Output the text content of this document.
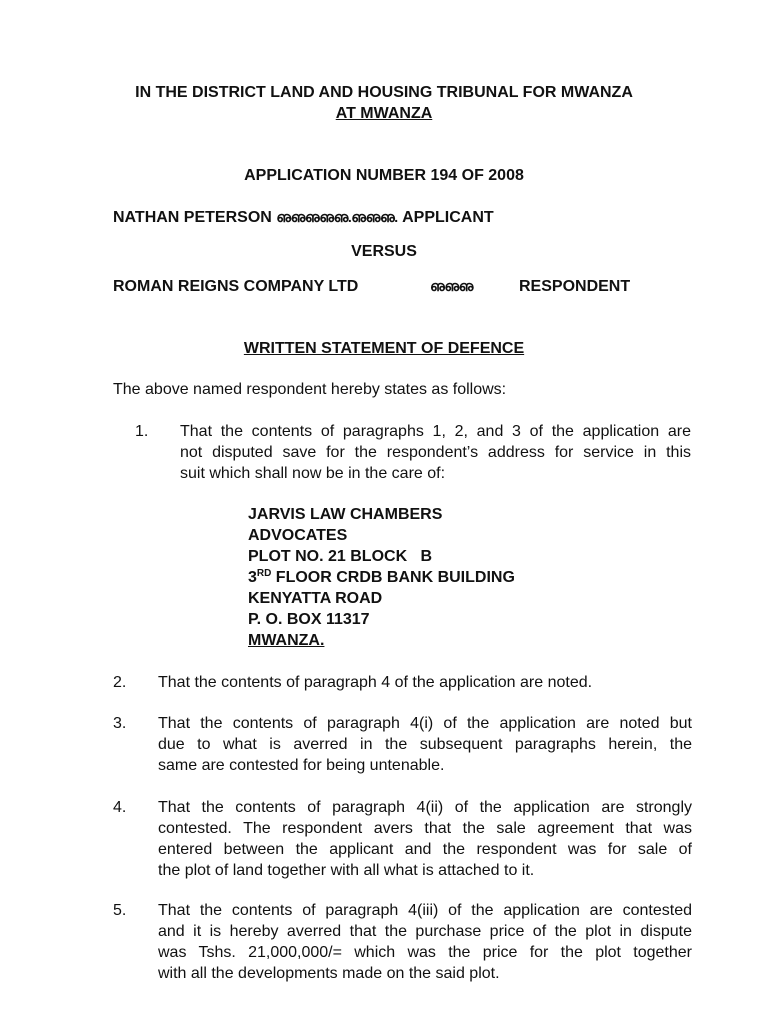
IN THE DISTRICT LAND AND HOUSING TRIBUNAL FOR MWANZA
AT MWANZA
APPLICATION NUMBER 194 OF 2008
NATHAN PETERSON ഌഌഌഌഌ.ഌഌഌ. APPLICANT
VERSUS
ROMAN REIGNS COMPANY LTD	ഌഌഌ	RESPONDENT
WRITTEN STATEMENT OF DEFENCE
The above named respondent hereby states as follows:
1. That the contents of paragraphs 1, 2, and 3 of the application are
not disputed save for the respondent’s address for service in this
suit which shall now be in the care of:
JARVIS LAW CHAMBERS
ADVOCATES
PLOT NO. 21 BLOCK   B
3RD FLOOR CRDB BANK BUILDING
KENYATTA ROAD
P. O. BOX 11317
MWANZA.
2. That the contents of paragraph 4 of the application are noted.
3. That the contents of paragraph 4(i) of the application are noted but
due to what is averred in the subsequent paragraphs herein, the
same are contested for being untenable.
4. That the contents of paragraph 4(ii) of the application are strongly
contested. The respondent avers that the sale agreement that was
entered between the applicant and the respondent was for sale of
the plot of land together with all what is attached to it.
5. That the contents of paragraph 4(iii) of the application are contested
and it is hereby averred that the purchase price of the plot in dispute
was Tshs. 21,000,000/= which was the price for the plot together
with all the developments made on the said plot.
